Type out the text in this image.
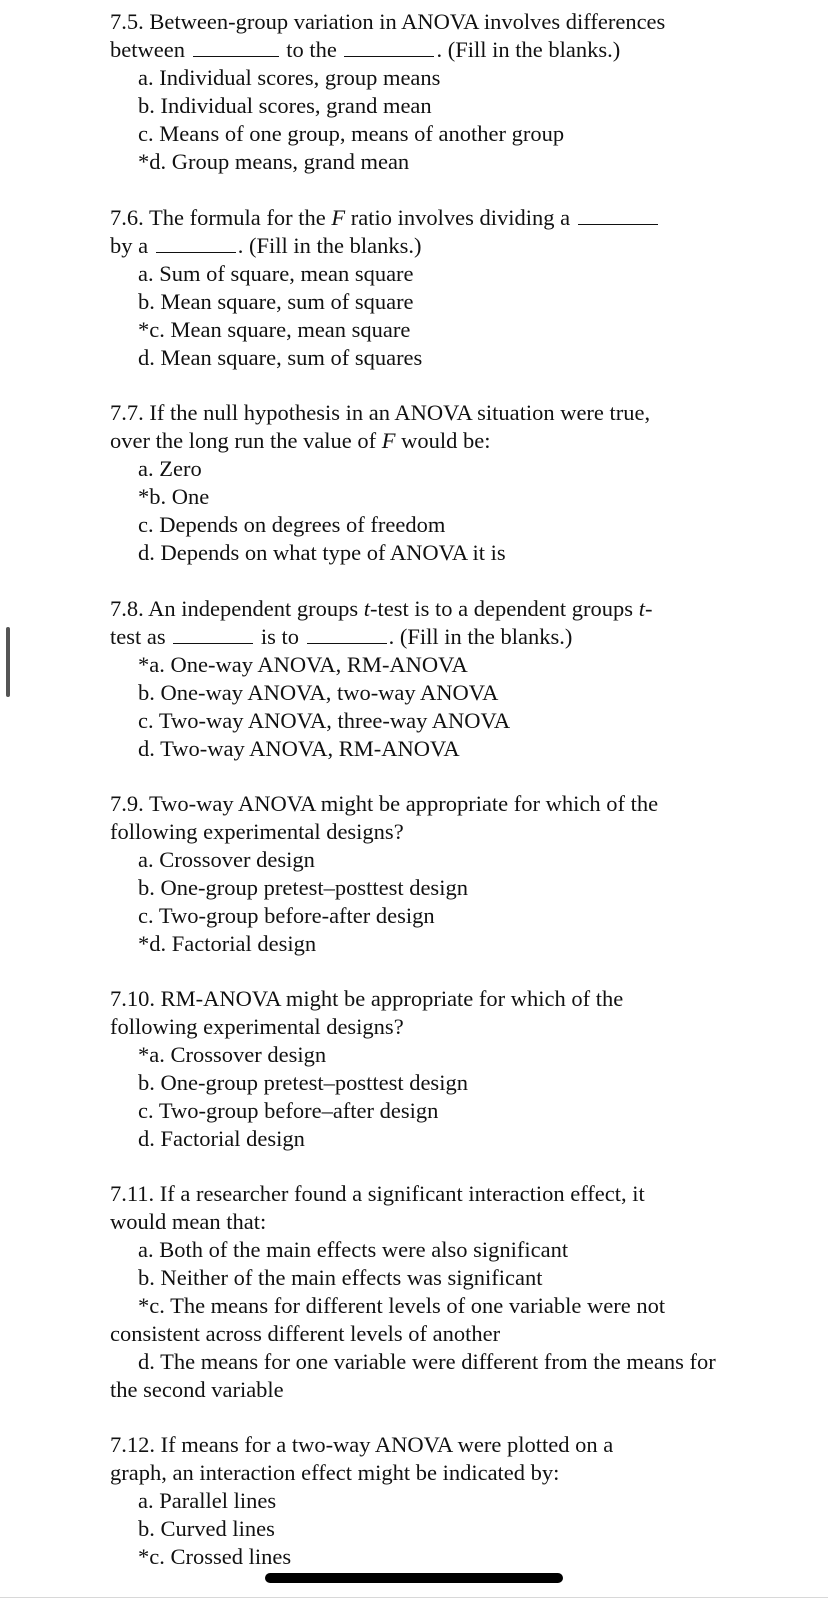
7.5. Between-group variation in ANOVA involves differences

between	to the	. (Fill in the blanks.)

a. Individual scores, group means

b. Individual scores, grand mean

c. Means of one group, means of another group

*d. Group means, grand mean

7.6. The formula for the F ratio involves dividing a

by a	. (Fill in the blanks.)

a. Sum of square, mean square

b. Mean square, sum of square

*c. Mean square, mean square

d. Mean square, sum of squares

7.7. If the null hypothesis in an ANOVA situation were true,

over the long run the value of F would be:

a. Zero

*b. One

c. Depends on degrees of freedom

d. Depends on what type of ANOVA it is

7.8. An independent groups t-test is to a dependent groups t-

test as	is to	. (Fill in the blanks.)

*a. One-way ANOVA, RM-ANOVA

b. One-way ANOVA, two-way ANOVA

c. Two-way ANOVA, three-way ANOVA

d. Two-way ANOVA, RM-ANOVA

7.9. Two-way ANOVA might be appropriate for which of the

following experimental designs?

a. Crossover design

b. One-group pretest–posttest design

c. Two-group before-after design

*d. Factorial design

7.10. RM-ANOVA might be appropriate for which of the

following experimental designs?

*a. Crossover design

b. One-group pretest–posttest design

c. Two-group before–after design

d. Factorial design

7.11. If a researcher found a significant interaction effect, it

would mean that:

a. Both of the main effects were also significant

b. Neither of the main effects was significant

*c. The means for different levels of one variable were not consistent across different levels of another

d. The means for one variable were different from the means for the second variable

7.12. If means for a two-way ANOVA were plotted on a

graph, an interaction effect might be indicated by:

a. Parallel lines

b. Curved lines

*c. Crossed lines
